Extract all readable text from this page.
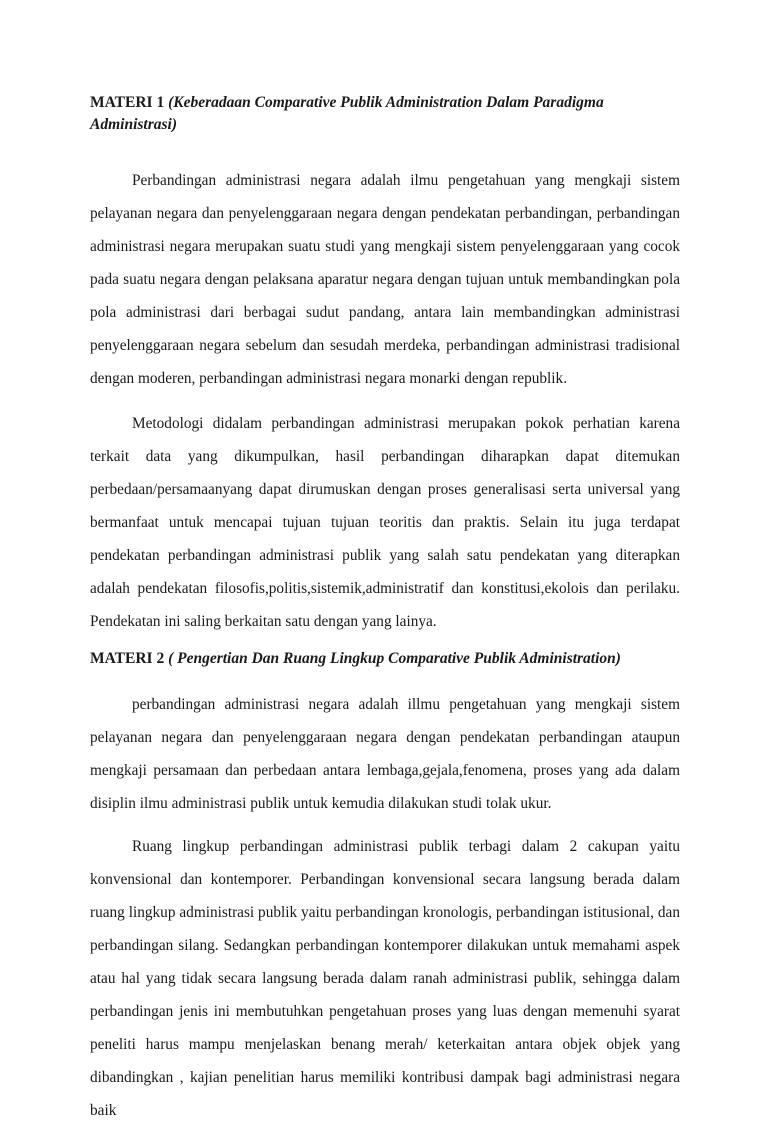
MATERI 1 (Keberadaan Comparative Publik Administration Dalam Paradigma Administrasi)

Perbandingan administrasi negara adalah ilmu pengetahuan yang mengkaji sistem pelayanan negara dan penyelenggaraan negara dengan pendekatan perbandingan, perbandingan administrasi negara merupakan suatu studi yang mengkaji sistem penyelenggaraan yang cocok pada suatu negara dengan pelaksana aparatur negara dengan tujuan untuk membandingkan pola pola administrasi dari berbagai sudut pandang, antara lain membandingkan administrasi penyelenggaraan negara sebelum dan sesudah merdeka, perbandingan administrasi tradisional dengan moderen, perbandingan administrasi negara monarki dengan republik.

Metodologi didalam perbandingan administrasi merupakan pokok perhatian karena terkait data yang dikumpulkan, hasil perbandingan diharapkan dapat ditemukan perbedaan/persamaanyang dapat dirumuskan dengan proses generalisasi serta universal yang bermanfaat untuk mencapai tujuan tujuan teoritis dan praktis. Selain itu juga terdapat pendekatan perbandingan administrasi publik yang salah satu pendekatan yang diterapkan adalah pendekatan filosofis,politis,sistemik,administratif dan konstitusi,ekolois dan perilaku. Pendekatan ini saling berkaitan satu dengan yang lainya.

MATERI 2 ( Pengertian Dan Ruang Lingkup Comparative Publik Administration)

perbandingan administrasi negara adalah illmu pengetahuan yang mengkaji sistem pelayanan negara dan penyelenggaraan negara dengan pendekatan perbandingan ataupun mengkaji persamaan dan perbedaan antara lembaga,gejala,fenomena, proses yang ada dalam disiplin ilmu administrasi publik untuk kemudia dilakukan studi tolak ukur.

Ruang lingkup perbandingan administrasi publik terbagi dalam 2 cakupan yaitu konvensional dan kontemporer. Perbandingan konvensional secara langsung berada dalam ruang lingkup administrasi publik yaitu perbandingan kronologis, perbandingan istitusional, dan perbandingan silang. Sedangkan perbandingan kontemporer dilakukan untuk memahami aspek atau hal yang tidak secara langsung berada dalam ranah administrasi publik, sehingga dalam perbandingan jenis ini membutuhkan pengetahuan proses yang luas dengan memenuhi syarat peneliti harus mampu menjelaskan benang merah/ keterkaitan antara objek objek yang dibandingkan , kajian penelitian harus memiliki kontribusi dampak bagi administrasi negara baik
